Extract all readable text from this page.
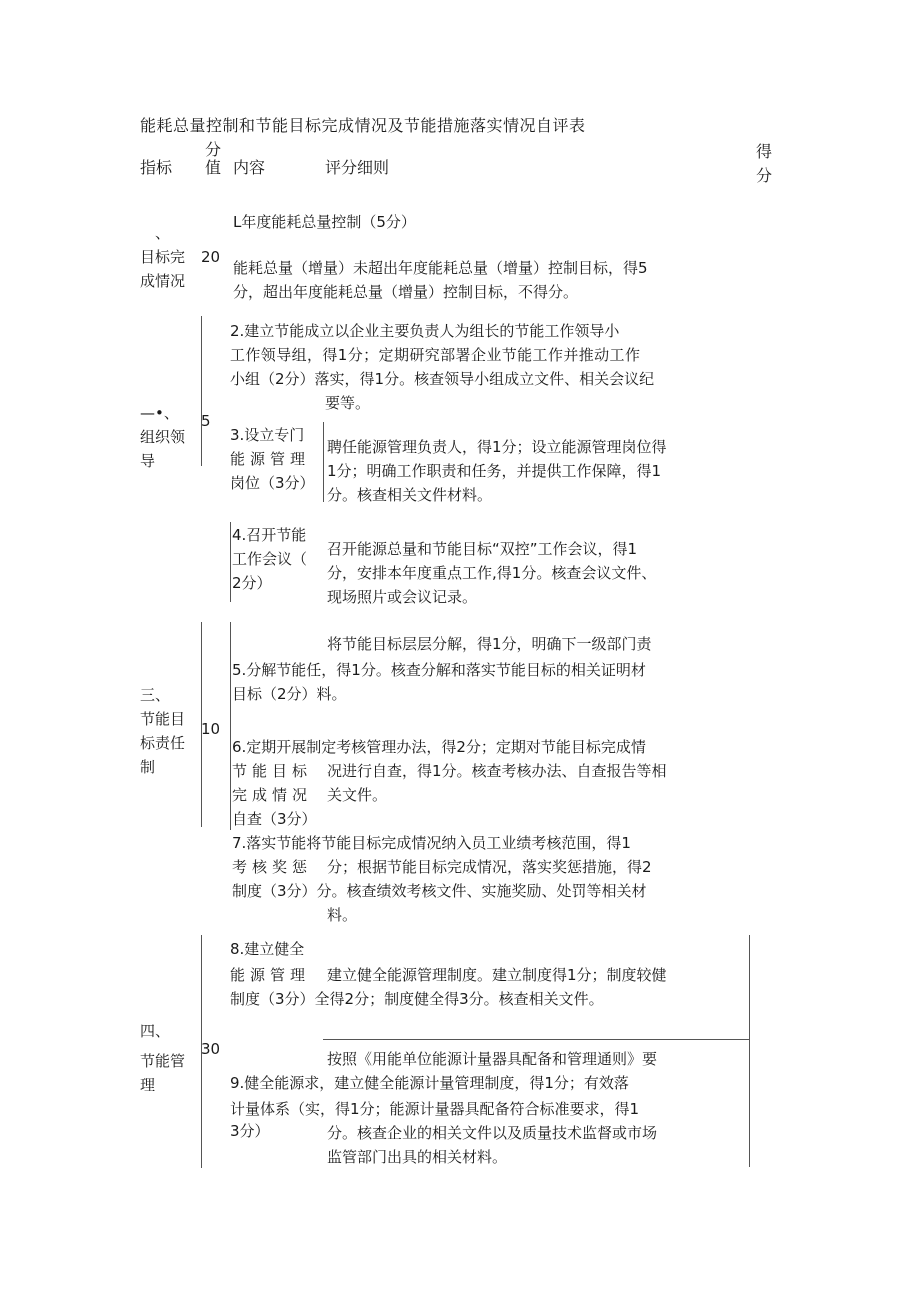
能耗总量控制和节能目标完成情况及节能措施落实情况自评表
指标
分
值 内容	评分细则
得
分
、
目标完
成情况
20
L年度能耗总量控制（5分）
能耗总量（增量）未超出年度能耗总量（增量）控制目标，得5
分，超出年度能耗总量（增量）控制目标，不得分。
—•、
组织领
导
5
2.建立节能成立以企业主要负责人为组长的节能工作领导小
工作领导组，得1分；定期研究部署企业节能工作并推动工作
小组（2分）落实，得1分。核查领导小组成立文件、相关会议纪
要等。
3.设立专门
能源管理
岗位（3分）
聘任能源管理负责人，得1分；设立能源管理岗位得
1分；明确工作职责和任务，并提供工作保障，得1
分。核查相关文件材料。
4.召开节能
工作会议（
2分）
召开能源总量和节能目标“双控”工作会议，得1
分，安排本年度重点工作,得1分。核查会议文件、
现场照片或会议记录。
三、
节能目
标责任
制
10
将节能目标层层分解，得1分，明确下一级部门责
5.分解节能任，得1分。核查分解和落实节能目标的相关证明材
目标（2分）料。
6.定期开展制定考核管理办法，得2分；定期对节能目标完成情
节能目标 况进行自查，得1分。核查考核办法、自查报告等相
完成情况 关文件。
自查（3分）
7.落实节能将节能目标完成情况纳入员工业绩考核范围，得1
考核奖惩 分；根据节能目标完成情况，落实奖惩措施，得2
制度（3分）分。核查绩效考核文件、实施奖励、处罚等相关材
料。
四、
节能管
理
30
8.建立健全
能源管理 建立健全能源管理制度。建立制度得1分；制度较健
制度（3分）全得2分；制度健全得3分。核查相关文件。
按照《用能单位能源计量器具配备和管理通则》要
9.健全能源求，建立健全能源计量管理制度，得1分；有效落
计量体系（实，得1分；能源计量器具配备符合标准要求，得1
3分）	分。核查企业的相关文件以及质量技术监督或市场
监管部门出具的相关材料。
